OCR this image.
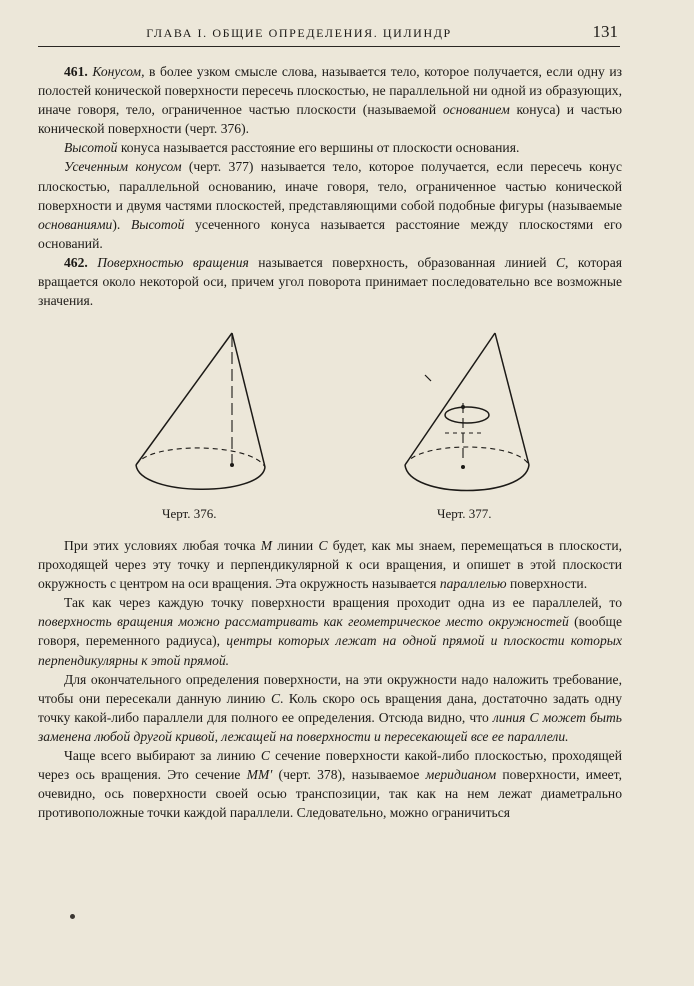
ГЛАВА I. ОБЩИЕ ОПРЕДЕЛЕНИЯ. ЦИЛИНДР	131

461. Конусом, в более узком смысле слова, называется тело, которое получается, если одну из полостей конической поверхности пересечь плоскостью, не параллельной ни одной из образующих, иначе говоря, тело, ограниченное частью плоскости (называемой основанием конуса) и частью конической поверхности (черт. 376).

Высотой конуса называется расстояние его вершины от плоскости основания.

Усеченным конусом (черт. 377) называется тело, которое получается, если пересечь конус плоскостью, параллельной основанию, иначе говоря, тело, ограниченное частью конической поверхности и двумя частями плоскостей, представляющими собой подобные фигуры (называемые основаниями). Высотой усеченного конуса называется расстояние между плоскостями его оснований.

462. Поверхностью вращения называется поверхность, образованная линией C, которая вращается около некоторой оси, причем угол поворота принимает последовательно все возможные значения.

Черт. 376.	Черт. 377.

При этих условиях любая точка M линии C будет, как мы знаем, перемещаться в плоскости, проходящей через эту точку и перпендикулярной к оси вращения, и опишет в этой плоскости окружность с центром на оси вращения. Эта окружность называется параллелью поверхности.

Так как через каждую точку поверхности вращения проходит одна из ее параллелей, то поверхность вращения можно рассматривать как геометрическое место окружностей (вообще говоря, переменного радиуса), центры которых лежат на одной прямой и плоскости которых перпендикулярны к этой прямой.

Для окончательного определения поверхности, на эти окружности надо наложить требование, чтобы они пересекали данную линию C. Коль скоро ось вращения дана, достаточно задать одну точку какой-либо параллели для полного ее определения. Отсюда видно, что линия C может быть заменена любой другой кривой, лежащей на поверхности и пересекающей все ее параллели.

Чаще всего выбирают за линию C сечение поверхности какой-либо плоскостью, проходящей через ось вращения. Это сечение MM′ (черт. 378), называемое меридианом поверхности, имеет, очевидно, ось поверхности своей осью транспозиции, так как на нем лежат диаметрально противоположные точки каждой параллели. Следовательно, можно ограничиться
